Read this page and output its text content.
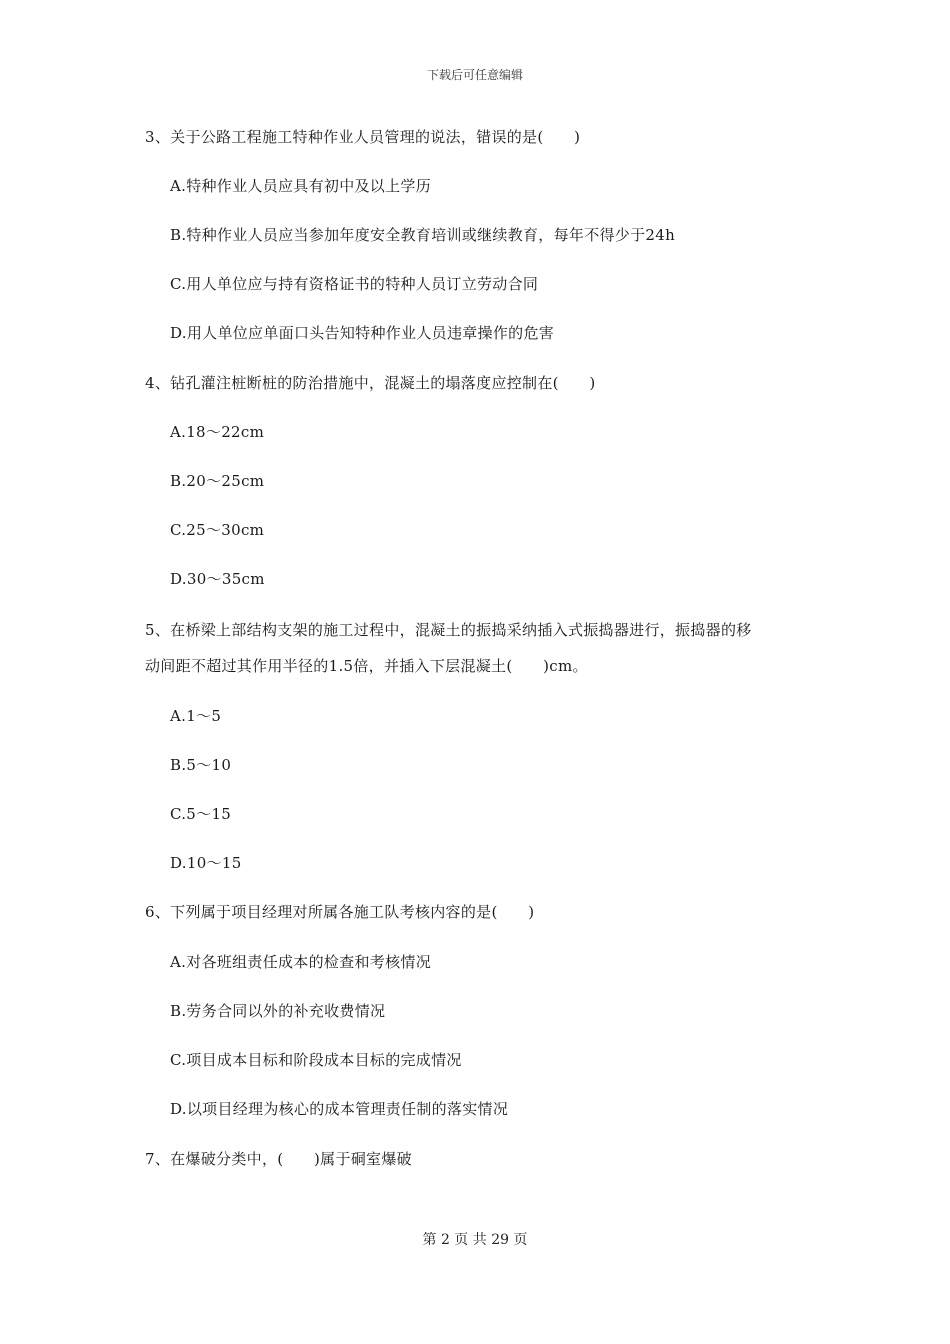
下载后可任意编辑
3、关于公路工程施工特种作业人员管理的说法，错误的是(　　)
A.特种作业人员应具有初中及以上学历
B.特种作业人员应当参加年度安全教育培训或继续教育，每年不得少于24h
C.用人单位应与持有资格证书的特种人员订立劳动合同
D.用人单位应单面口头告知特种作业人员违章操作的危害
4、钻孔灌注桩断桩的防治措施中，混凝土的塌落度应控制在(　　)
A.18～22cm
B.20～25cm
C.25～30cm
D.30～35cm
5、在桥梁上部结构支架的施工过程中，混凝土的振捣采纳插入式振捣器进行，振捣器的移
动间距不超过其作用半径的1.5倍，并插入下层混凝土(　　)cm。
A.1～5
B.5～10
C.5～15
D.10～15
6、下列属于项目经理对所属各施工队考核内容的是(　　)
A.对各班组责任成本的检查和考核情况
B.劳务合同以外的补充收费情况
C.项目成本目标和阶段成本目标的完成情况
D.以项目经理为核心的成本管理责任制的落实情况
7、在爆破分类中，(　　)属于硐室爆破
第 2 页 共 29 页
